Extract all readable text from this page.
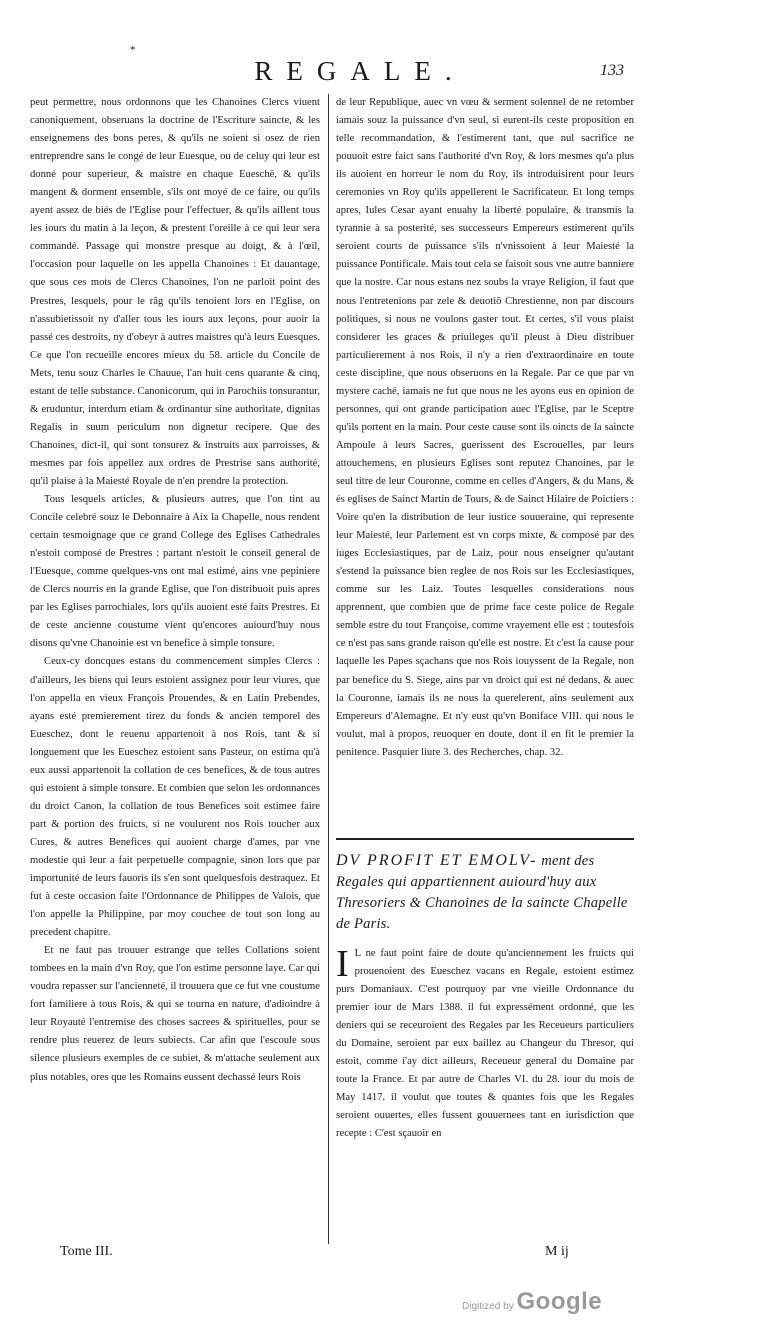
*
REGALE.	133

peut permettre, nous ordonnons que les Chanoines Clercs viuent canoniquement, obseruans la doctrine de l'Escriture saincte, & les enseignemens des bons peres, & qu'ils ne soient si osez de rien entreprendre sans le congé de leur Euesque, ou de celuy qui leur est donné pour superieur, & maistre en chaque Eueschë, & qu'ils mangent & dorment ensemble, s'ils ont moyé de ce faire, ou qu'ils ayent assez de biés de l'Eglise pour l'effectuer, & qu'ils aillent tous les iours du matin à la leçon, & prestent l'oreille à ce qui leur sera commandé. Passage qui monstre presque au doigt, & à l'œil, l'occasion pour laquelle on les appella Chanoines : Et dauantage, que sous ces mots de Clercs Chanoines, l'on ne parloit point des Prestres, lesquels, pour le râg qu'ils tenoient lors en l'Eglise, on n'assubietissoit ny d'aller tous les iours aux leçons, pour auoir la passé ces destroits, ny d'obeyr à autres maistres qu'à leurs Euesques. Ce que l'on recueille encores mieux du 58. article du Concile de Mets, tenu souz Charles le Chauue, l'an huit cens quarante & cinq, estant de telle substance. Canonicorum, qui in Parochiis tonsurantur, & eruduntur, interdum etiam & ordinantur sine authoritate, dignitas Regalis in suum periculum non dignetur recipere. Que des Chanoines, dict-il, qui sont tonsurez & instruits aux parroisses, & mesmes par fois appellez aux ordres de Prestrise sans authorité, qu'il plaise à la Maiesté Royale de n'en prendre la protection.

Tous lesquels articles, & plusieurs autres, que l'on tint au Concile celebré souz le Debonnaire à Aix la Chapelle, nous rendent certain tesmoignage que ce grand College des Eglises Cathedrales n'estoit composé de Prestres : partant n'estoit le conseil general de l'Euesque, comme quelques-vns ont mal estimé, ains vne pepiniere de Clercs nourris en la grande Eglise, que l'on distribuoit puis apres par les Eglises parrochiales, lors qu'ils auoient esté faits Prestres. Et de ceste ancienne coustume vient qu'encores auiourd'huy nous disons qu'vne Chanoinie est vn benefice à simple tonsure.

Ceux-cy doncques estans du commencement simples Clercs : d'ailleurs, les biens qui leurs estoient assignez pour leur viures, que l'on appella en vieux François Prouendes, & en Latin Prebendes, ayans esté premierement tirez du fonds & ancien temporel des Eueschez, dont le reuenu appartenoit à nos Rois, tant & si longuement que les Eueschez estoient sans Pasteur, on estima qu'à eux aussi appartenoit la collation de ces benefices, & de tous autres qui estoient à simple tonsure. Et combien que selon les ordonnances du droict Canon, la collation de tous Benefices soit estimee faire part & portion des fruicts, si ne voulurent nos Rois toucher aux Cures, & autres Benefices qui auoient charge d'ames, par vne modestie qui leur a fait perpetuelle compagnie, sinon lors que par importunité de leurs fauoris ils s'en sont quelquesfois destraquez. Et fut à ceste occasion faite l'Ordonnance de Philippes de Valois, que l'on appelle la Philippine, par moy couchee de tout son long au precedent chapitre.

Et ne faut pas trouuer estrange que telles Collations soient tombees en la main d'vn Roy, que l'on estime personne laye. Car qui voudra repasser sur l'ancienneté, il trouuera que ce fut vne coustume fort familiere à tous Rois, & qui se tourna en nature, d'adioindre à leur Royauté l'entremise des choses sacrees & spirituelles, pour se rendre plus reuerez de leurs subiects. Car afin que l'escoule sous silence plusieurs exemples de ce subiet, & m'attache seulement aux plus notables, ores que les Romains eussent dechassé leurs Rois

de leur Republique, auec vn vœu & serment solennel de ne retomber iamais souz la puissance d'vn seul, si eurent-ils ceste proposition en telle recommandation, & l'estimerent tant, que nul sacrifice ne pouuoit estre faict sans l'authorité d'vn Roy, & lors mesmes qu'a plus ils auoient en horreur le nom du Roy, ils introduisirent pour leurs ceremonies vn Roy qu'ils appellerent le Sacrificateur. Et long temps apres, Iules Cesar ayant enuahy la liberté populaire, & transmis la tyrannie à sa posterité, ses successeurs Empereurs estimerent qu'ils seroient courts de puissance s'ils n'vnissoient à leur Maiesté la puissance Pontificale. Mais tout cela se faisoit sous vne autre banniere que la nostre. Car nous estans nez soubs la vraye Religion, il faut que nous l'entretenions par zele & deuotiõ Chrestienne, non par discours politiques, si nous ne voulons gaster tout. Et certes, s'il vous plaist considerer les graces & priuileges qu'il pleust à Dieu distribuer particulierement à nos Rois, il n'y a rien d'extraordinaire en toute ceste discipline, que nous obseruons en la Regale. Par ce que par vn mystere caché, iamais ne fut que nous ne les ayons eus en opinion de personnes, qui ont grande participation auec l'Eglise, par le Sceptre qu'ils portent en la main. Pour ceste cause sont ils oincts de la saincte Ampoule à leurs Sacres, guerissent des Escrouelles, par leurs attouchemens, en plusieurs Eglises sont reputez Chanoines, par le seul titre de leur Couronne, comme en celles d'Angers, & du Mans, & és eglises de Sainct Martin de Tours, & de Sainct Hilaire de Poictiers : Voire qu'en la distribution de leur iustice souueraine, qui represente leur Maiesté, leur Parlement est vn corps mixte, & composé par des iuges Ecclesiastiques, par de Laiz, pour nous enseigner qu'autant s'estend la puissance bien reglee de nos Rois sur les Ecclesiastiques, comme sur les Laiz. Toutes lesquelles considerations nous apprennent, que combien que de prime face ceste police de Regale semble estre du tout Françoise, comme vrayement elle est : toutesfois ce n'est pas sans grande raison qu'elle est nostre. Et c'est la cause pour laquelle les Papes sçachans que nos Rois iouyssent de la Regale, non par benefice du S. Siege, ains par vn droict qui est né dedans, & auec la Couronne, iamais ils ne nous la querelerent, ains seulement aux Empereurs d'Alemagne. Et n'y eust qu'vn Boniface VIII. qui nous le voulut, mal à propos, reuoquer en doute, dont il en fit le premier la penitence. Pasquier liure 3. des Recherches, chap. 32.

DV PROFIT ET EMOLV- ment des Regales qui appartiennent auiourd'huy aux Thresoriers & Chanoines de la saincte Chapelle de Paris.
I L ne faut point faire de doute qu'anciennement les fruicts qui prouenoient des Eueschez vacans en Regale, estoient estimez purs Domaniaux. C'est pourquoy par vne vieille Ordonnance du premier iour de Mars 1388. il fut expressément ordonné, que les deniers qui se receuroient des Regales par les Receueurs particuliers du Domaine, seroient par eux baillez au Changeur du Thresor, qui estoit, comme i'ay dict ailleurs, Receueur general du Domaine par toute la France. Et par autre de Charles VI. du 28. iour du mois de May 1417. il voulut que toutes & quantes fois que les Regales seroient ouuertes, elles fussent gouuernees tant en iurisdiction que recepte : C'est sçauoir en

Tome III.	M ij
Digitized by Google
